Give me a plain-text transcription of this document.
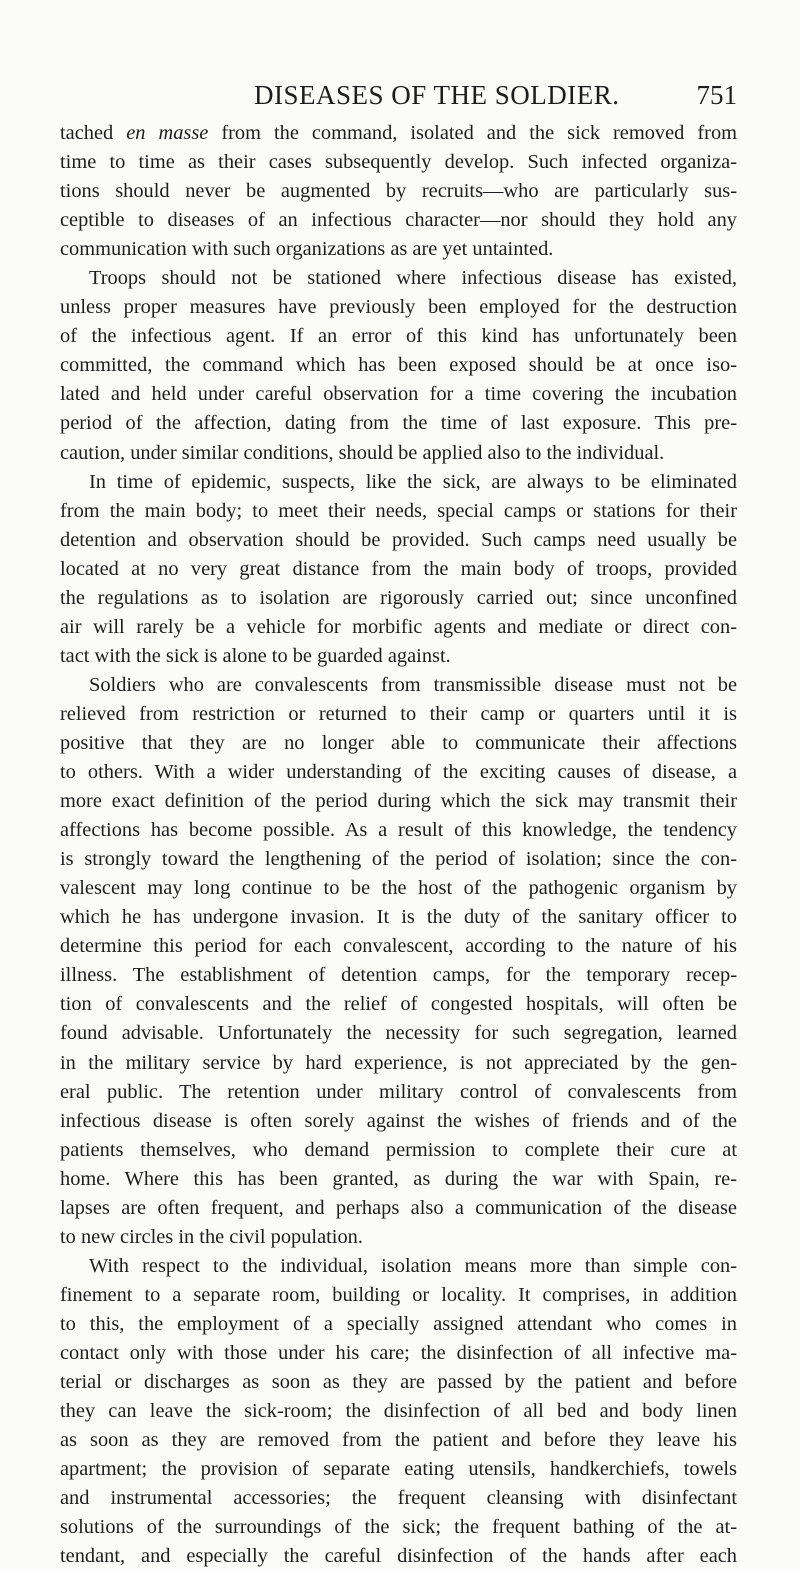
DISEASES OF THE SOLDIER.	751
tached en masse from the command, isolated and the sick removed from
time to time as their cases subsequently develop. Such infected organiza-
tions should never be augmented by recruits—who are particularly sus-
ceptible to diseases of an infectious character—nor should they hold any
communication with such organizations as are yet untainted.
Troops should not be stationed where infectious disease has existed,
unless proper measures have previously been employed for the destruction
of the infectious agent. If an error of this kind has unfortunately been
committed, the command which has been exposed should be at once iso-
lated and held under careful observation for a time covering the incubation
period of the affection, dating from the time of last exposure. This pre-
caution, under similar conditions, should be applied also to the individual.
In time of epidemic, suspects, like the sick, are always to be eliminated
from the main body; to meet their needs, special camps or stations for their
detention and observation should be provided. Such camps need usually be
located at no very great distance from the main body of troops, provided
the regulations as to isolation are rigorously carried out; since unconfined
air will rarely be a vehicle for morbific agents and mediate or direct con-
tact with the sick is alone to be guarded against.
Soldiers who are convalescents from transmissible disease must not be
relieved from restriction or returned to their camp or quarters until it is
positive that they are no longer able to communicate their affections
to others. With a wider understanding of the exciting causes of disease, a
more exact definition of the period during which the sick may transmit their
affections has become possible. As a result of this knowledge, the tendency
is strongly toward the lengthening of the period of isolation; since the con-
valescent may long continue to be the host of the pathogenic organism by
which he has undergone invasion. It is the duty of the sanitary officer to
determine this period for each convalescent, according to the nature of his
illness. The establishment of detention camps, for the temporary recep-
tion of convalescents and the relief of congested hospitals, will often be
found advisable. Unfortunately the necessity for such segregation, learned
in the military service by hard experience, is not appreciated by the gen-
eral public. The retention under military control of convalescents from
infectious disease is often sorely against the wishes of friends and of the
patients themselves, who demand permission to complete their cure at
home. Where this has been granted, as during the war with Spain, re-
lapses are often frequent, and perhaps also a communication of the disease
to new circles in the civil population.
With respect to the individual, isolation means more than simple con-
finement to a separate room, building or locality. It comprises, in addition
to this, the employment of a specially assigned attendant who comes in
contact only with those under his care; the disinfection of all infective ma-
terial or discharges as soon as they are passed by the patient and before
they can leave the sick-room; the disinfection of all bed and body linen
as soon as they are removed from the patient and before they leave his
apartment; the provision of separate eating utensils, handkerchiefs, towels
and instrumental accessories; the frequent cleansing with disinfectant
solutions of the surroundings of the sick; the frequent bathing of the at-
tendant, and especially the careful disinfection of the hands after each
